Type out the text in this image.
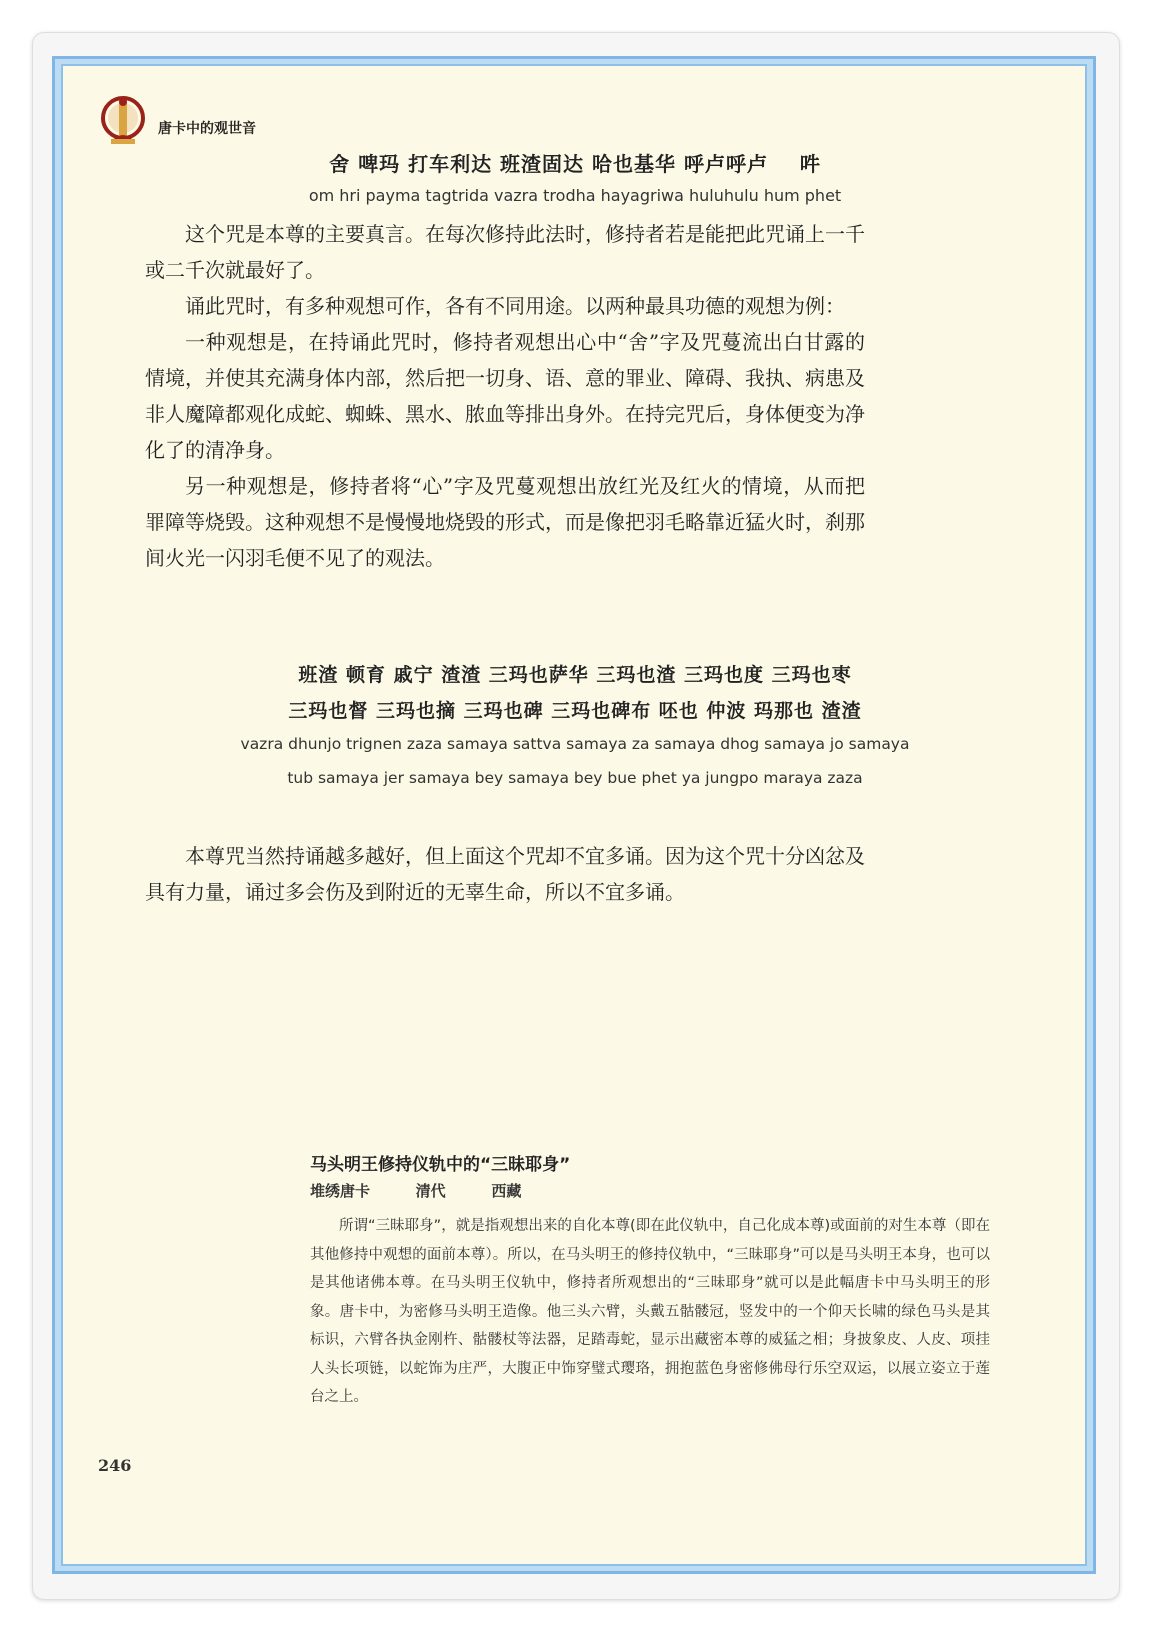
唐卡中的观世音
舍 啤玛 打车利达 班渣固达 哈也基华 呼卢呼卢    吽
om hri payma tagtrida vazra trodha hayagriwa huluhulu hum phet

这个咒是本尊的主要真言。在每次修持此法时，修持者若是能把此咒诵上一千或二千次就最好了。

诵此咒时，有多种观想可作，各有不同用途。以两种最具功德的观想为例：

一种观想是，在持诵此咒时，修持者观想出心中“舍”字及咒蔓流出白甘露的情境，并使其充满身体内部，然后把一切身、语、意的罪业、障碍、我执、病患及非人魔障都观化成蛇、蜘蛛、黑水、脓血等排出身外。在持完咒后，身体便变为净化了的清净身。

另一种观想是，修持者将“心”字及咒蔓观想出放红光及红火的情境，从而把罪障等烧毁。这种观想不是慢慢地烧毁的形式，而是像把羽毛略靠近猛火时，刹那间火光一闪羽毛便不见了的观法。

班渣 顿育 戚宁 渣渣 三玛也萨华 三玛也渣 三玛也度 三玛也枣
三玛也督 三玛也摘 三玛也碑 三玛也碑布 呸也 仲波 玛那也 渣渣
vazra dhunjo trignen zaza samaya sattva samaya za samaya dhog samaya jo samaya
tub samaya jer samaya bey samaya bey bue phet ya jungpo maraya zaza

本尊咒当然持诵越多越好，但上面这个咒却不宜多诵。因为这个咒十分凶忿及具有力量，诵过多会伤及到附近的无辜生命，所以不宜多诵。

马头明王修持仪轨中的“三昧耶身”
堆绣唐卡   清代   西藏

所谓“三昧耶身”，就是指观想出来的自化本尊(即在此仪轨中，自己化成本尊)或面前的对生本尊（即在其他修持中观想的面前本尊）。所以，在马头明王的修持仪轨中，“三昧耶身”可以是马头明王本身，也可以是其他诸佛本尊。在马头明王仪轨中，修持者所观想出的“三昧耶身”就可以是此幅唐卡中马头明王的形象。唐卡中，为密修马头明王造像。他三头六臂，头戴五骷髅冠，竖发中的一个仰天长啸的绿色马头是其标识，六臂各执金刚杵、骷髅杖等法器，足踏毒蛇，显示出藏密本尊的威猛之相；身披象皮、人皮、项挂人头长项链，以蛇饰为庄严，大腹正中饰穿璧式璎珞，拥抱蓝色身密修佛母行乐空双运，以展立姿立于莲台之上。

246
